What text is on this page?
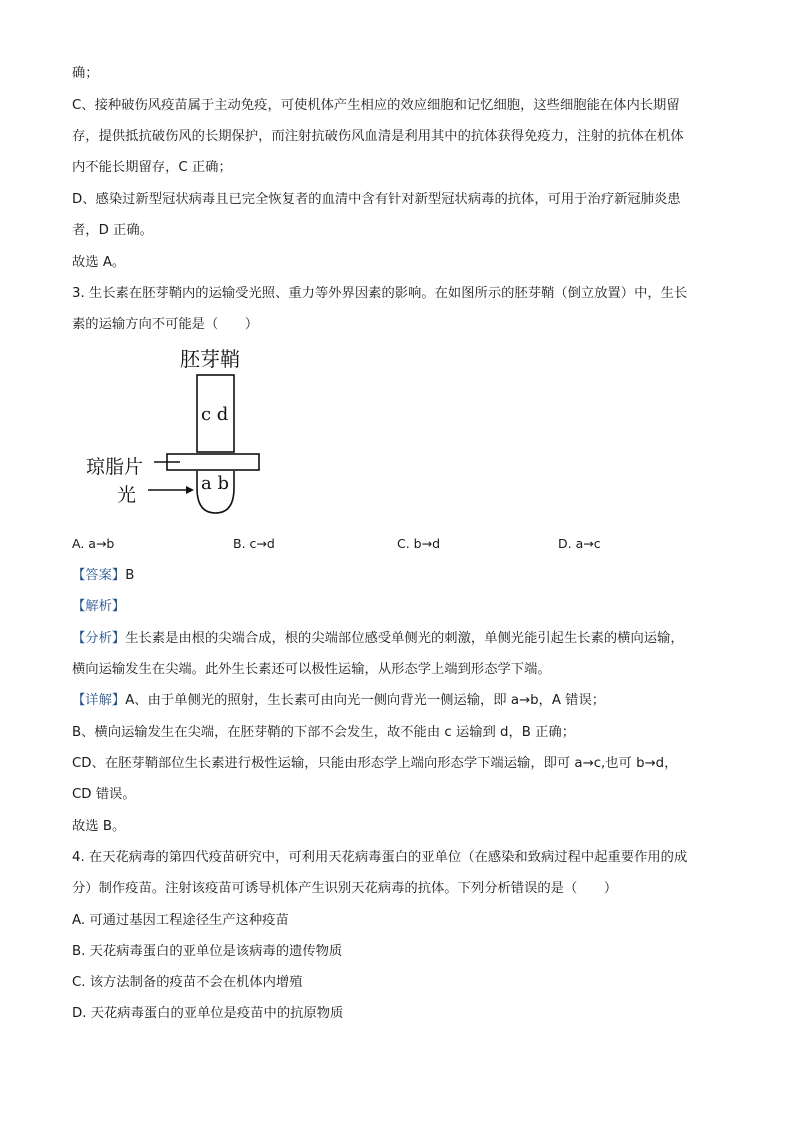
确；
C、接种破伤风疫苗属于主动免疫，可使机体产生相应的效应细胞和记忆细胞，这些细胞能在体内长期留
存，提供抵抗破伤风的长期保护，而注射抗破伤风血清是利用其中的抗体获得免疫力，注射的抗体在机体
内不能长期留存，C 正确；
D、感染过新型冠状病毒且已完全恢复者的血清中含有针对新型冠状病毒的抗体，可用于治疗新冠肺炎患
者，D 正确。
故选 A。
3. 生长素在胚芽鞘内的运输受光照、重力等外界因素的影响。在如图所示的胚芽鞘（倒立放置）中，生长
素的运输方向不可能是（　　）
胚芽鞘
c d
琼脂片
光
a b
A. a→b	B. c→d	C. b→d	D. a→c
【答案】B
【解析】
【分析】生长素是由根的尖端合成，根的尖端部位感受单侧光的刺激，单侧光能引起生长素的横向运输，
横向运输发生在尖端。此外生长素还可以极性运输，从形态学上端到形态学下端。
【详解】A、由于单侧光的照射，生长素可由向光一侧向背光一侧运输，即 a→b，A 错误；
B、横向运输发生在尖端，在胚芽鞘的下部不会发生，故不能由 c 运输到 d，B 正确；
CD、在胚芽鞘部位生长素进行极性运输，只能由形态学上端向形态学下端运输，即可 a→c,也可 b→d，
CD 错误。
故选 B。
4. 在天花病毒的第四代疫苗研究中，可利用天花病毒蛋白的亚单位（在感染和致病过程中起重要作用的成
分）制作疫苗。注射该疫苗可诱导机体产生识别天花病毒的抗体。下列分析错误的是（　　）
A. 可通过基因工程途径生产这种疫苗
B. 天花病毒蛋白的亚单位是该病毒的遗传物质
C. 该方法制备的疫苗不会在机体内增殖
D. 天花病毒蛋白的亚单位是疫苗中的抗原物质
